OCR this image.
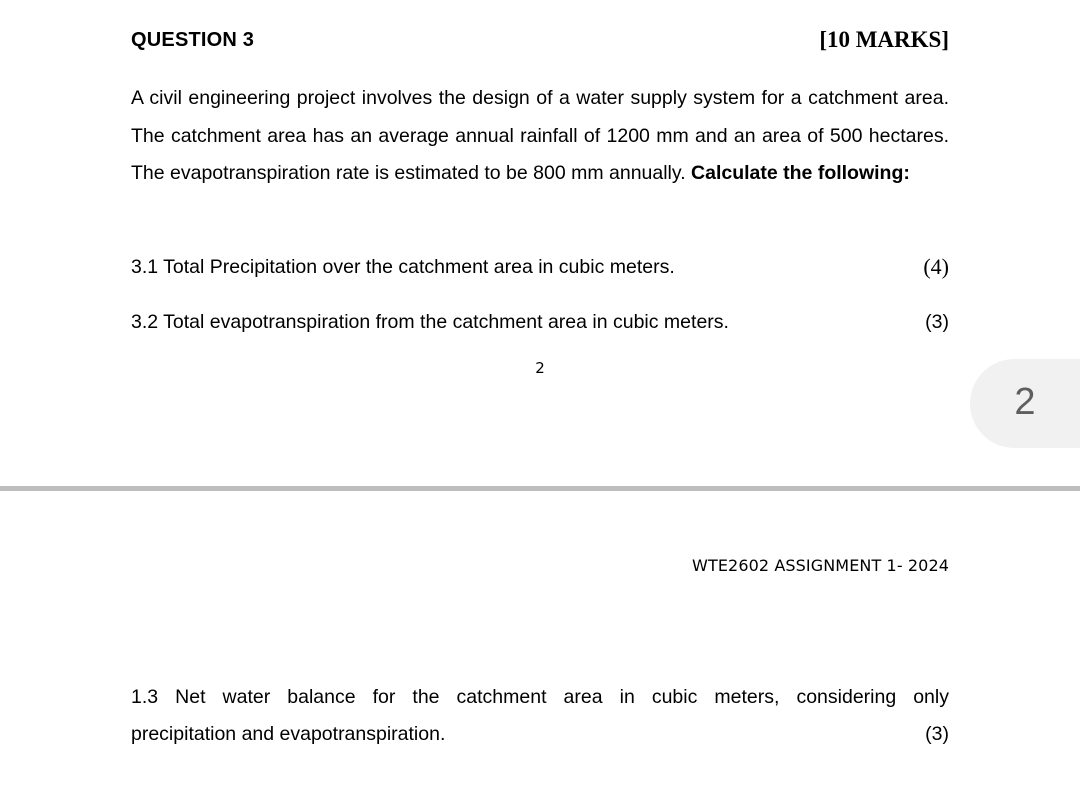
QUESTION 3	[10 MARKS]

A civil engineering project involves the design of a water supply system for a catchment area. The catchment area has an average annual rainfall of 1200 mm and an area of 500 hectares. The evapotranspiration rate is estimated to be 800 mm annually. Calculate the following:

3.1 Total Precipitation over the catchment area in cubic meters.	(4)
3.2 Total evapotranspiration from the catchment area in cubic meters.	(3)
2
WTE2602 ASSIGNMENT 1- 2024
1.3 Net water balance for the catchment area in cubic meters, considering only
precipitation and evapotranspiration.	(3)
2
